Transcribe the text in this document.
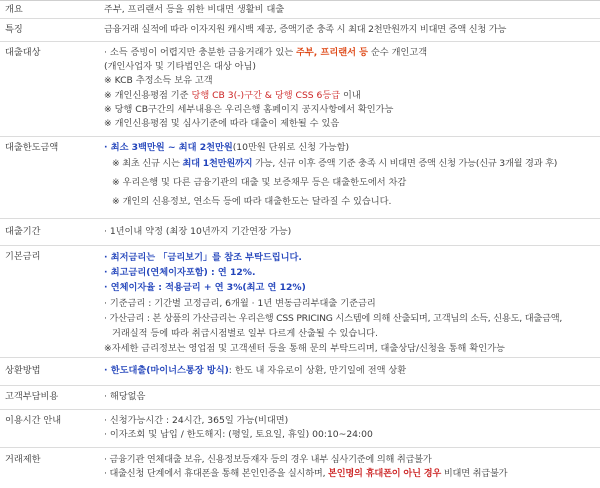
개요	주부, 프리랜서 등을 위한 비대면 생활비 대출
특징	금융거래 실적에 따라 이자지원 캐시백 제공, 증액기준 충족 시 최대 2천만원까지 비대면 증액 신청 가능
대출대상	· 소득 증빙이 어렵지만 충분한 금융거래가 있는 주부, 프리랜서 등 순수 개인고객
(개인사업자 및 기타법인은 대상 아님)
※ KCB 추정소득 보유 고객
※ 개인신용평점 기준 당행 CB 3(-)구간 & 당행 CSS 6등급 이내
※ 당행 CB구간의 세부내용은 우리은행 홈페이지 공지사항에서 확인가능
※ 개인신용평점 및 심사기준에 따라 대출이 제한될 수 있음
대출한도금액	· 최소 3백만원 ~ 최대 2천만원(10만원 단위로 신청 가능함)
※ 최초 신규 시는 최대 1천만원까지 가능, 신규 이후 증액 기준 충족 시 비대면 증액 신청 가능(신규 3개월 경과 후)
※ 우리은행 및 다른 금융기관의 대출 및 보증채무 등은 대출한도에서 차감
※ 개인의 신용정보, 연소득 등에 따라 대출한도는 달라질 수 있습니다.
대출기간	· 1년이내 약정 (최장 10년까지 기간연장 가능)
기본금리	· 최저금리는 「금리보기」를 참조 부탁드립니다.
· 최고금리(연체이자포함) : 연 12%.
· 연체이자율 : 적용금리 + 연 3%(최고 연 12%)
· 기준금리 : 기간별 고정금리, 6개월 · 1년 변동금리부대출 기준금리
· 가산금리 : 본 상품의 가산금리는 우리은행 CSS PRICING 시스템에 의해 산출되며, 고객님의 소득, 신용도, 대출금액,
거래실적 등에 따라 취급시점별로 일부 다르게 산출될 수 있습니다.
※자세한 금리정보는 영업점 및 고객센터 등을 통해 문의 부탁드리며, 대출상담/신청을 통해 확인가능
상환방법	· 한도대출(마이너스통장 방식): 한도 내 자유로이 상환, 만기일에 전액 상환
고객부담비용	· 해당없음
이용시간 안내	· 신청가능시간 : 24시간, 365일 가능(비대면)
· 이자조회 및 납입 / 한도해지: (평일, 토요일, 휴일) 00:10~24:00
거래제한	· 금융기관 연체대출 보유, 신용정보등재자 등의 경우 내부 심사기준에 의해 취급불가
· 대출신청 단계에서 휴대폰을 통해 본인인증을 실시하며, 본인명의 휴대폰이 아닌 경우 비대면 취급불가
